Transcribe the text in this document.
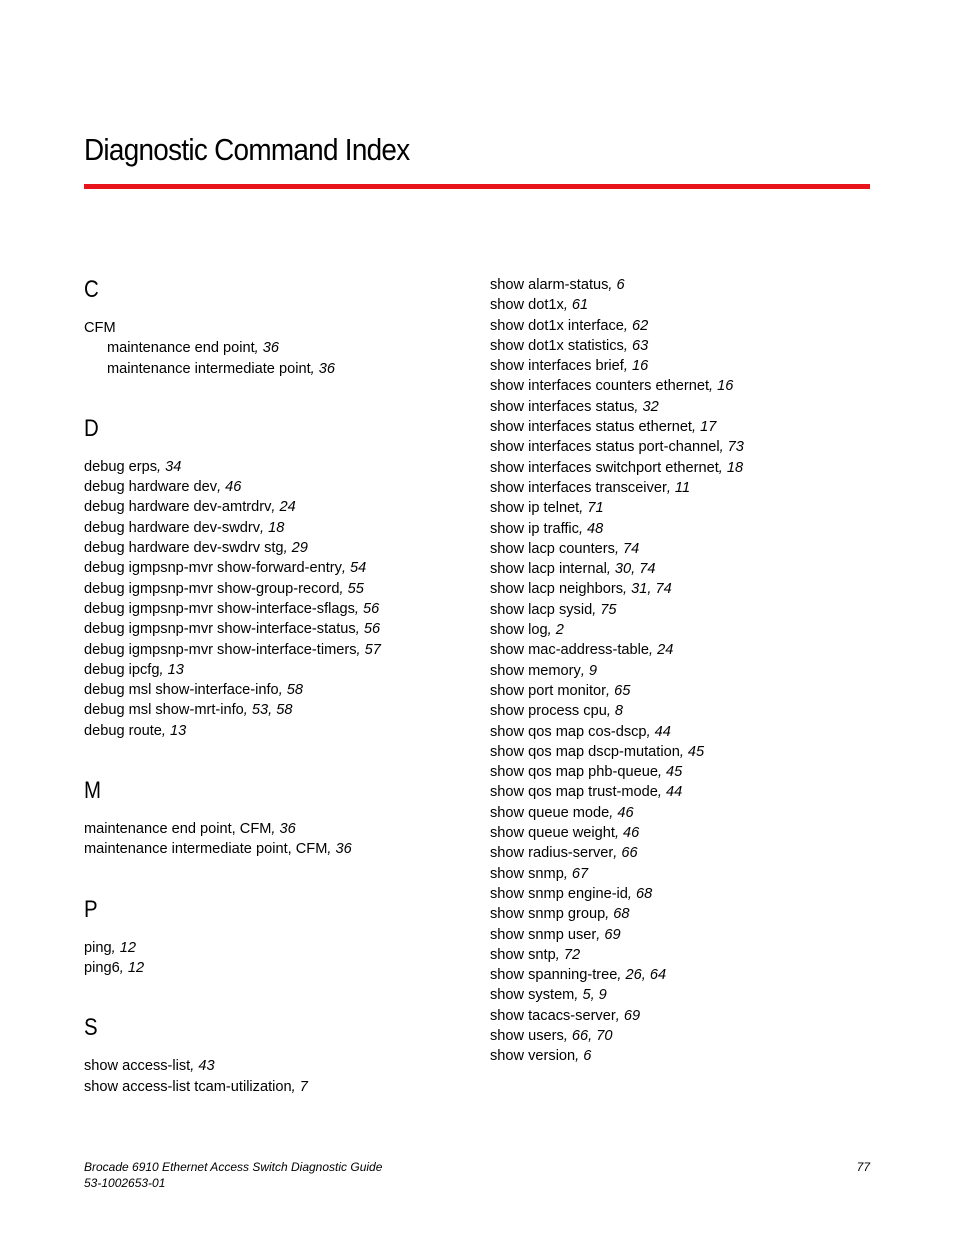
Diagnostic Command Index
C
CFM
maintenance end point, 36
maintenance intermediate point, 36
D
debug erps, 34
debug hardware dev, 46
debug hardware dev-amtrdrv, 24
debug hardware dev-swdrv, 18
debug hardware dev-swdrv stg, 29
debug igmpsnp-mvr show-forward-entry, 54
debug igmpsnp-mvr show-group-record, 55
debug igmpsnp-mvr show-interface-sflags, 56
debug igmpsnp-mvr show-interface-status, 56
debug igmpsnp-mvr show-interface-timers, 57
debug ipcfg, 13
debug msl show-interface-info, 58
debug msl show-mrt-info, 53, 58
debug route, 13
M
maintenance end point, CFM, 36
maintenance intermediate point, CFM, 36
P
ping, 12
ping6, 12
S
show access-list, 43
show access-list tcam-utilization, 7
show alarm-status, 6
show dot1x, 61
show dot1x interface, 62
show dot1x statistics, 63
show interfaces brief, 16
show interfaces counters ethernet, 16
show interfaces status, 32
show interfaces status ethernet, 17
show interfaces status port-channel, 73
show interfaces switchport ethernet, 18
show interfaces transceiver, 11
show ip telnet, 71
show ip traffic, 48
show lacp counters, 74
show lacp internal, 30, 74
show lacp neighbors, 31, 74
show lacp sysid, 75
show log, 2
show mac-address-table, 24
show memory, 9
show port monitor, 65
show process cpu, 8
show qos map cos-dscp, 44
show qos map dscp-mutation, 45
show qos map phb-queue, 45
show qos map trust-mode, 44
show queue mode, 46
show queue weight, 46
show radius-server, 66
show snmp, 67
show snmp engine-id, 68
show snmp group, 68
show snmp user, 69
show sntp, 72
show spanning-tree, 26, 64
show system, 5, 9
show tacacs-server, 69
show users, 66, 70
show version, 6
Brocade 6910 Ethernet Access Switch Diagnostic Guide
53-1002653-01
77
